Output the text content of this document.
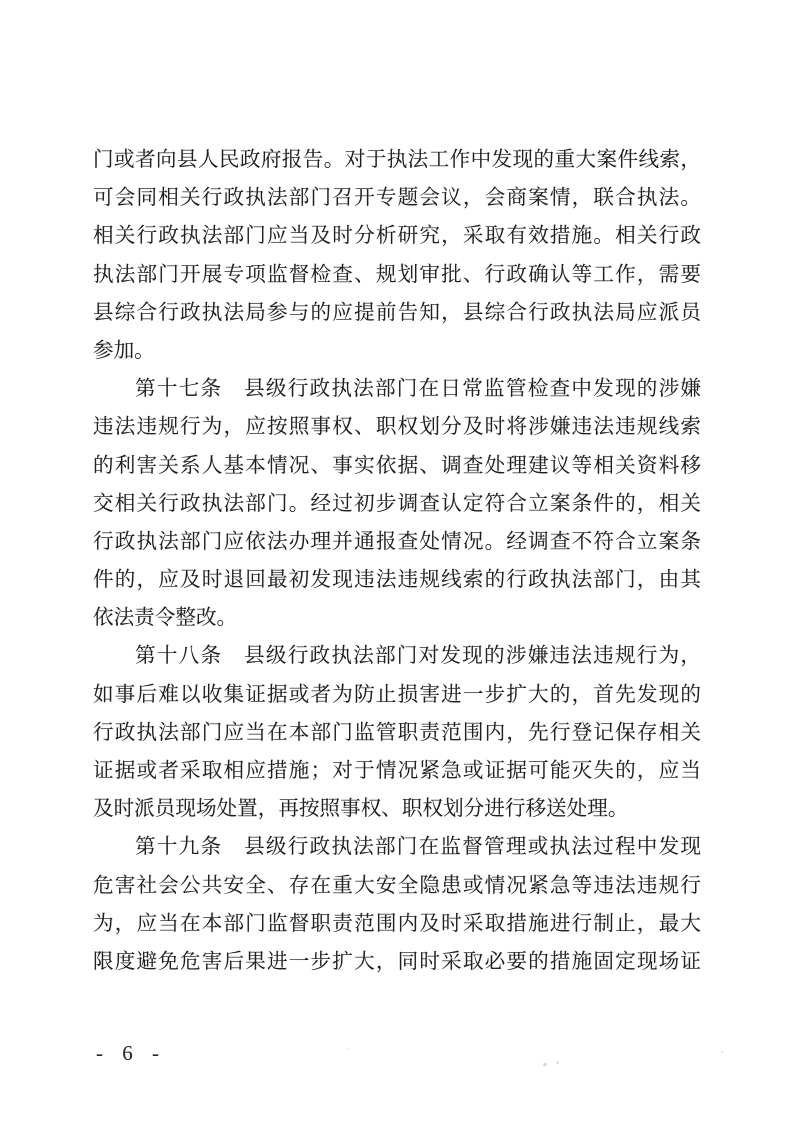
门或者向县人民政府报告。对于执法工作中发现的重大案件线索，
可会同相关行政执法部门召开专题会议，会商案情，联合执法。
相关行政执法部门应当及时分析研究，采取有效措施。相关行政
执法部门开展专项监督检查、规划审批、行政确认等工作，需要
县综合行政执法局参与的应提前告知，县综合行政执法局应派员
参加。
第十七条　县级行政执法部门在日常监管检查中发现的涉嫌
违法违规行为，应按照事权、职权划分及时将涉嫌违法违规线索
的利害关系人基本情况、事实依据、调查处理建议等相关资料移
交相关行政执法部门。经过初步调查认定符合立案条件的，相关
行政执法部门应依法办理并通报查处情况。经调查不符合立案条
件的，应及时退回最初发现违法违规线索的行政执法部门，由其
依法责令整改。
第十八条　县级行政执法部门对发现的涉嫌违法违规行为，
如事后难以收集证据或者为防止损害进一步扩大的，首先发现的
行政执法部门应当在本部门监管职责范围内，先行登记保存相关
证据或者采取相应措施；对于情况紧急或证据可能灭失的，应当
及时派员现场处置，再按照事权、职权划分进行移送处理。
第十九条　县级行政执法部门在监督管理或执法过程中发现
危害社会公共安全、存在重大安全隐患或情况紧急等违法违规行
为，应当在本部门监督职责范围内及时采取措施进行制止，最大
限度避免危害后果进一步扩大，同时采取必要的措施固定现场证
- 6 -
